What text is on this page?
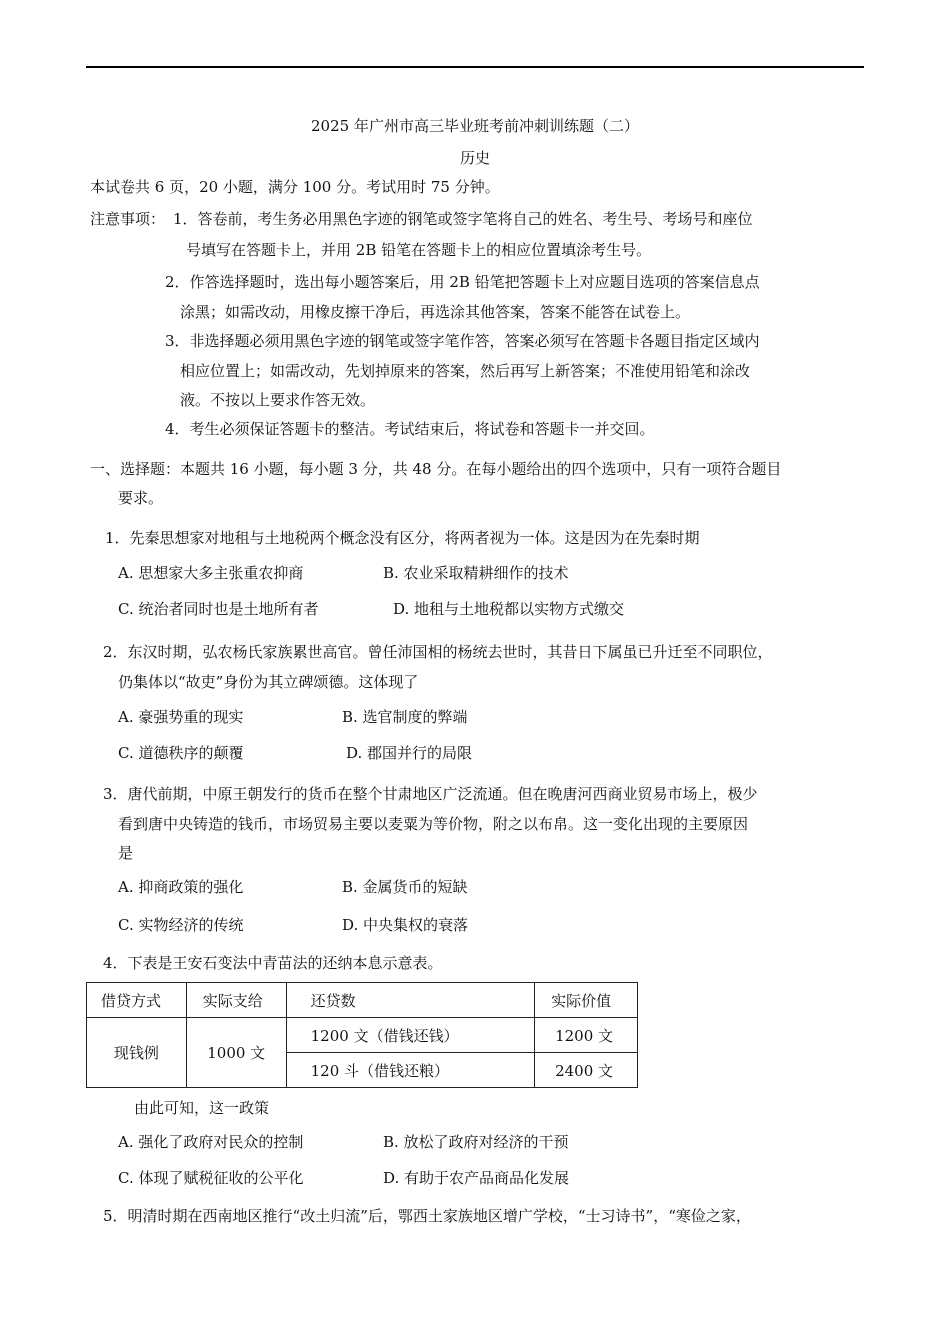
2025 年广州市高三毕业班考前冲刺训练题（二）
历史
本试卷共 6 页，20 小题，满分 100 分。考试用时 75 分钟。
注意事项： 1．答卷前，考生务必用黑色字迹的钢笔或签字笔将自己的姓名、考生号、考场号和座位
号填写在答题卡上，并用 2B 铅笔在答题卡上的相应位置填涂考生号。
2．作答选择题时，选出每小题答案后，用 2B 铅笔把答题卡上对应题目选项的答案信息点
涂黑；如需改动，用橡皮擦干净后，再选涂其他答案，答案不能答在试卷上。
3．非选择题必须用黑色字迹的钢笔或签字笔作答，答案必须写在答题卡各题目指定区域内
相应位置上；如需改动，先划掉原来的答案，然后再写上新答案；不准使用铅笔和涂改
液。不按以上要求作答无效。
4．考生必须保证答题卡的整洁。考试结束后，将试卷和答题卡一并交回。
一、选择题：本题共 16 小题，每小题 3 分，共 48 分。在每小题给出的四个选项中，只有一项符合题目
要求。
1．先秦思想家对地租与土地税两个概念没有区分，将两者视为一体。这是因为在先秦时期
A. 思想家大多主张重农抑商	B. 农业采取精耕细作的技术
C. 统治者同时也是土地所有者	D. 地租与土地税都以实物方式缴交
2．东汉时期，弘农杨氏家族累世高官。曾任沛国相的杨统去世时，其昔日下属虽已升迁至不同职位，
仍集体以“故吏”身份为其立碑颂德。这体现了
A. 豪强势重的现实	B. 选官制度的弊端
C. 道德秩序的颠覆	D. 郡国并行的局限
3．唐代前期，中原王朝发行的货币在整个甘肃地区广泛流通。但在晚唐河西商业贸易市场上，极少
看到唐中央铸造的钱币，市场贸易主要以麦粟为等价物，附之以布帛。这一变化出现的主要原因
是
A. 抑商政策的强化	B. 金属货币的短缺
C. 实物经济的传统	D. 中央集权的衰落
4．下表是王安石变法中青苗法的还纳本息示意表。
借贷方式	实际支给	还贷数	实际价值
现钱例	1000 文	1200 文（借钱还钱）	1200 文
		120 斗（借钱还粮）	2400 文
由此可知，这一政策
A. 强化了政府对民众的控制	B. 放松了政府对经济的干预
C. 体现了赋税征收的公平化	D. 有助于农产品商品化发展
5．明清时期在西南地区推行“改土归流”后，鄂西土家族地区增广学校，“士习诗书”，“寒俭之家，
